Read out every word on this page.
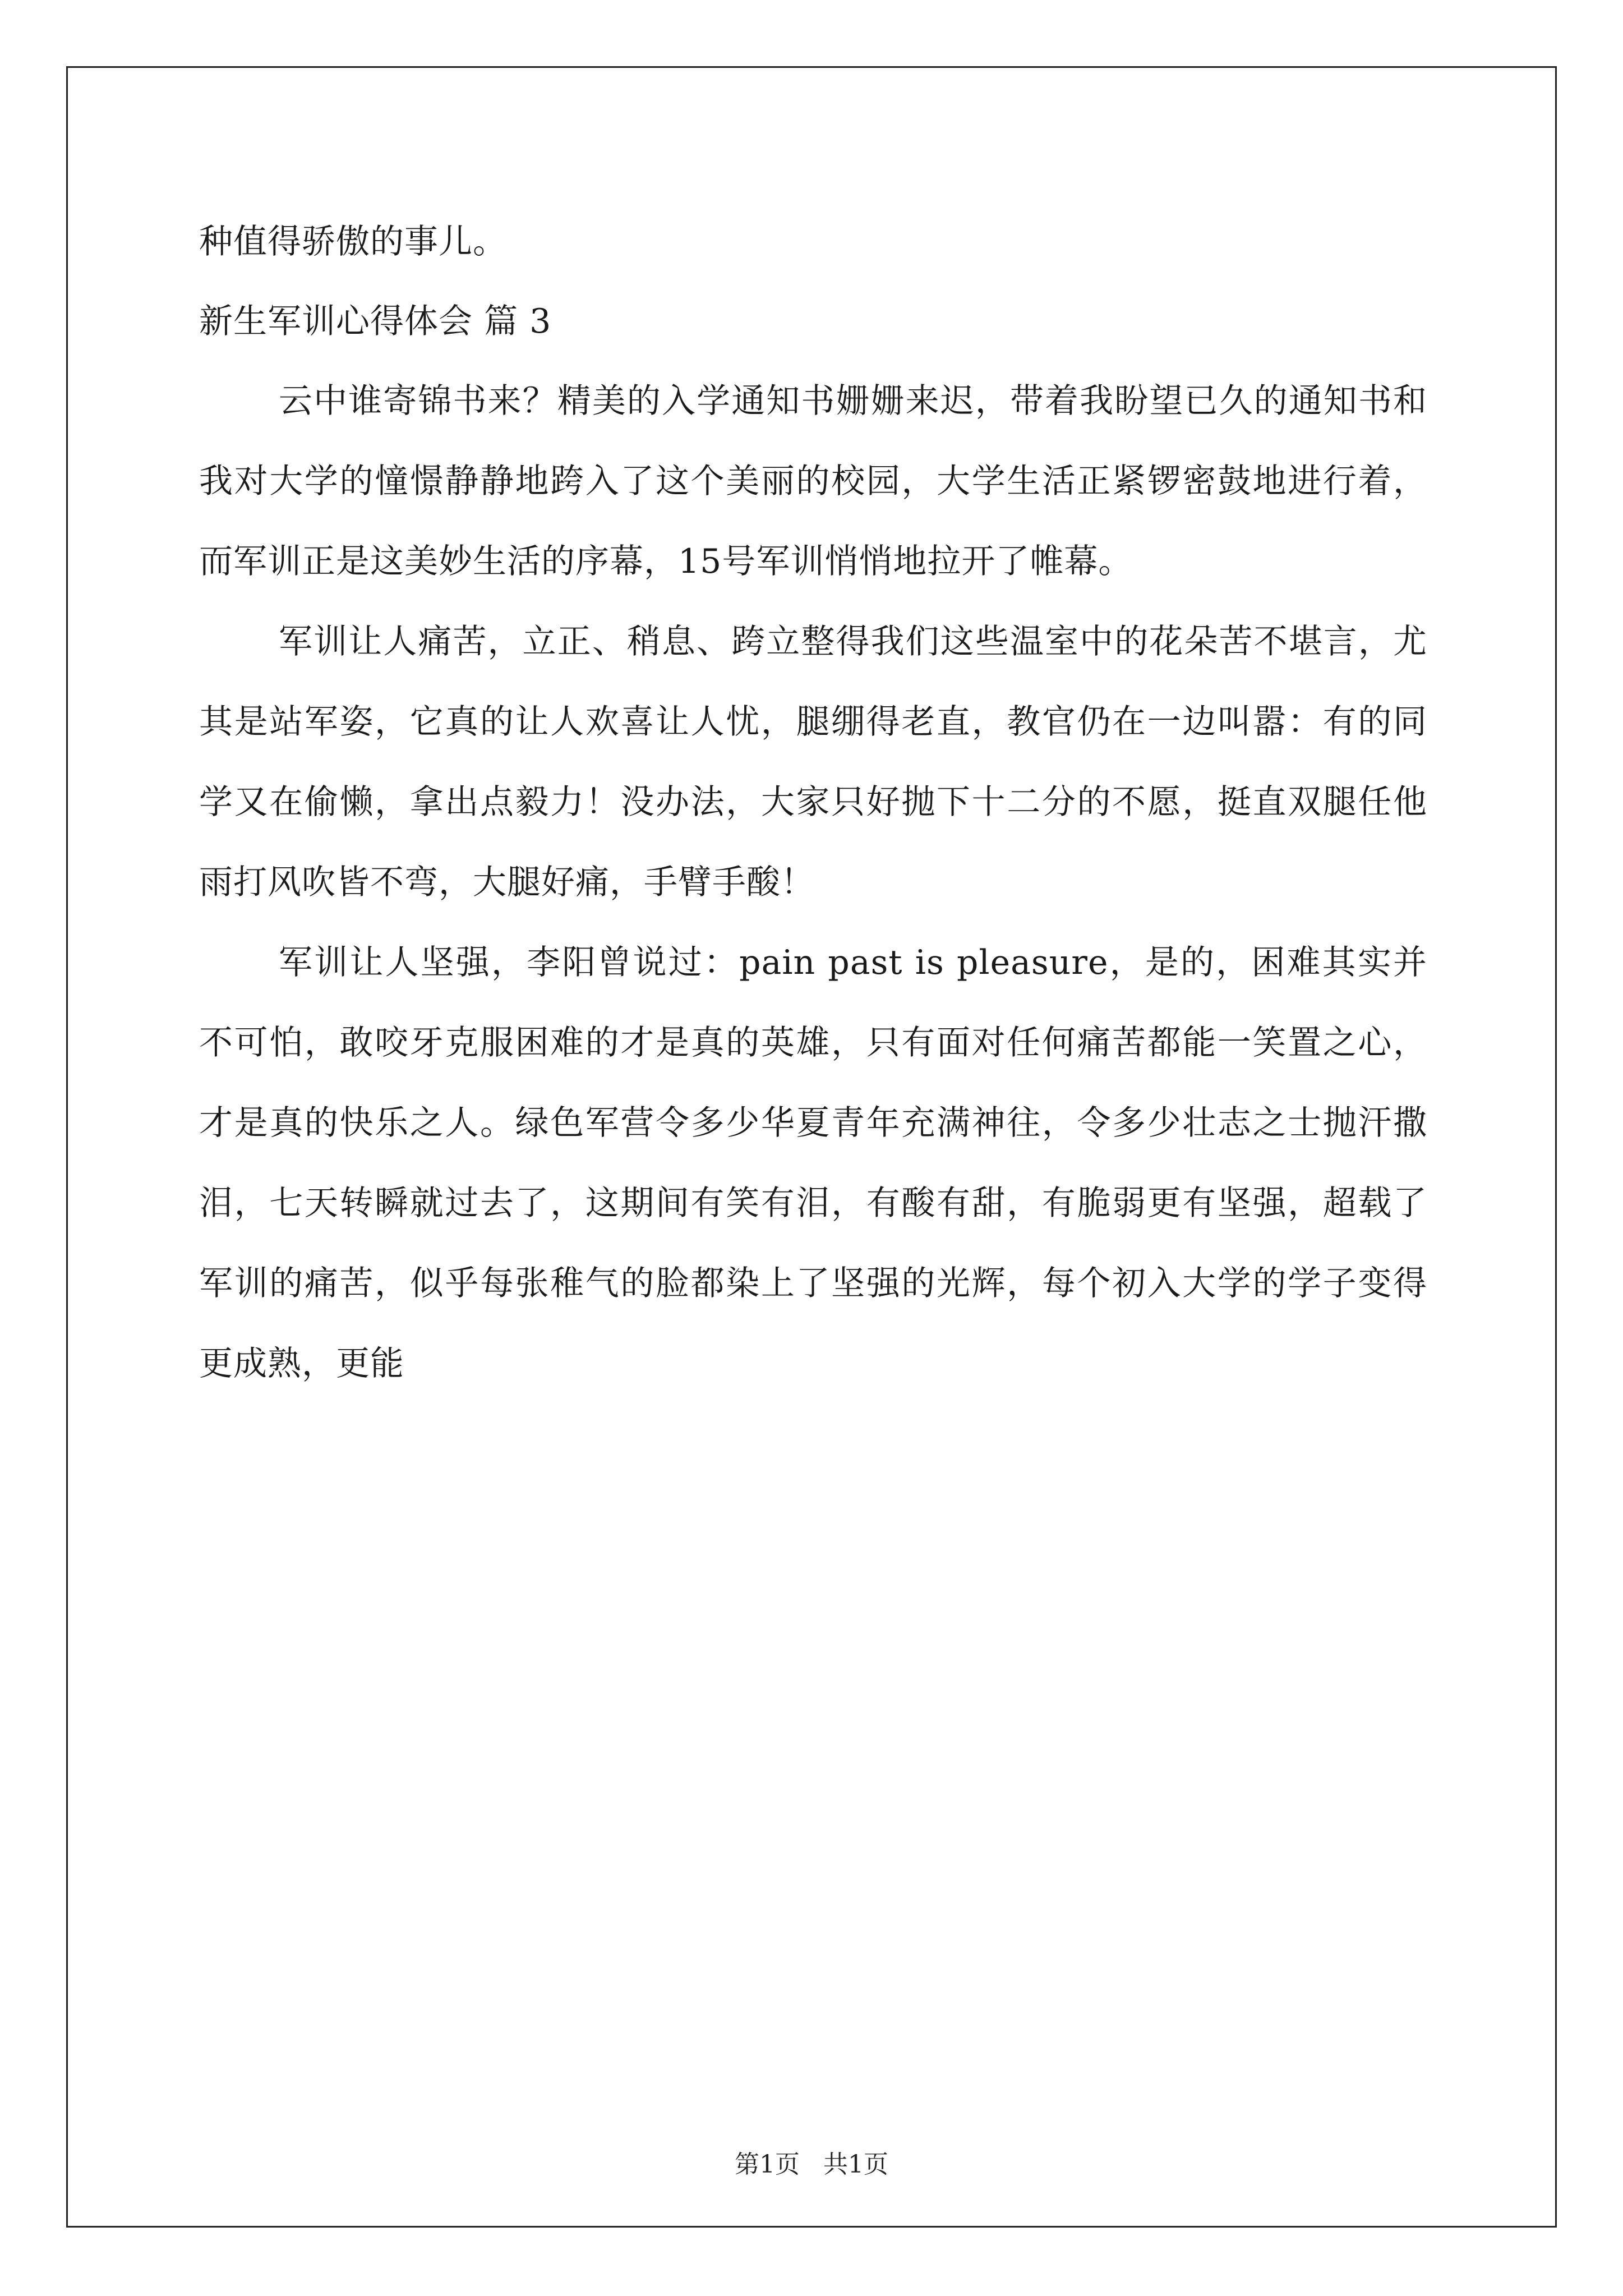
种值得骄傲的事儿。

新生军训心得体会 篇 3

云中谁寄锦书来？精美的入学通知书姗姗来迟，带着我盼望已久的通知书和我对大学的憧憬静静地跨入了这个美丽的校园，大学生活正紧锣密鼓地进行着，而军训正是这美妙生活的序幕，15号军训悄悄地拉开了帷幕。

军训让人痛苦，立正、稍息、跨立整得我们这些温室中的花朵苦不堪言，尤其是站军姿，它真的让人欢喜让人忧，腿绷得老直，教官仍在一边叫嚣：有的同学又在偷懒，拿出点毅力！没办法，大家只好抛下十二分的不愿，挺直双腿任他雨打风吹皆不弯，大腿好痛，手臂手酸！

军训让人坚强，李阳曾说过：pain past is pleasure，是的，困难其实并不可怕，敢咬牙克服困难的才是真的英雄，只有面对任何痛苦都能一笑置之心，才是真的快乐之人。绿色军营令多少华夏青年充满神往，令多少壮志之士抛汗撒泪，七天转瞬就过去了，这期间有笑有泪，有酸有甜，有脆弱更有坚强，超载了军训的痛苦，似乎每张稚气的脸都染上了坚强的光辉，每个初入大学的学子变得更成熟，更能

第1页 共1页
